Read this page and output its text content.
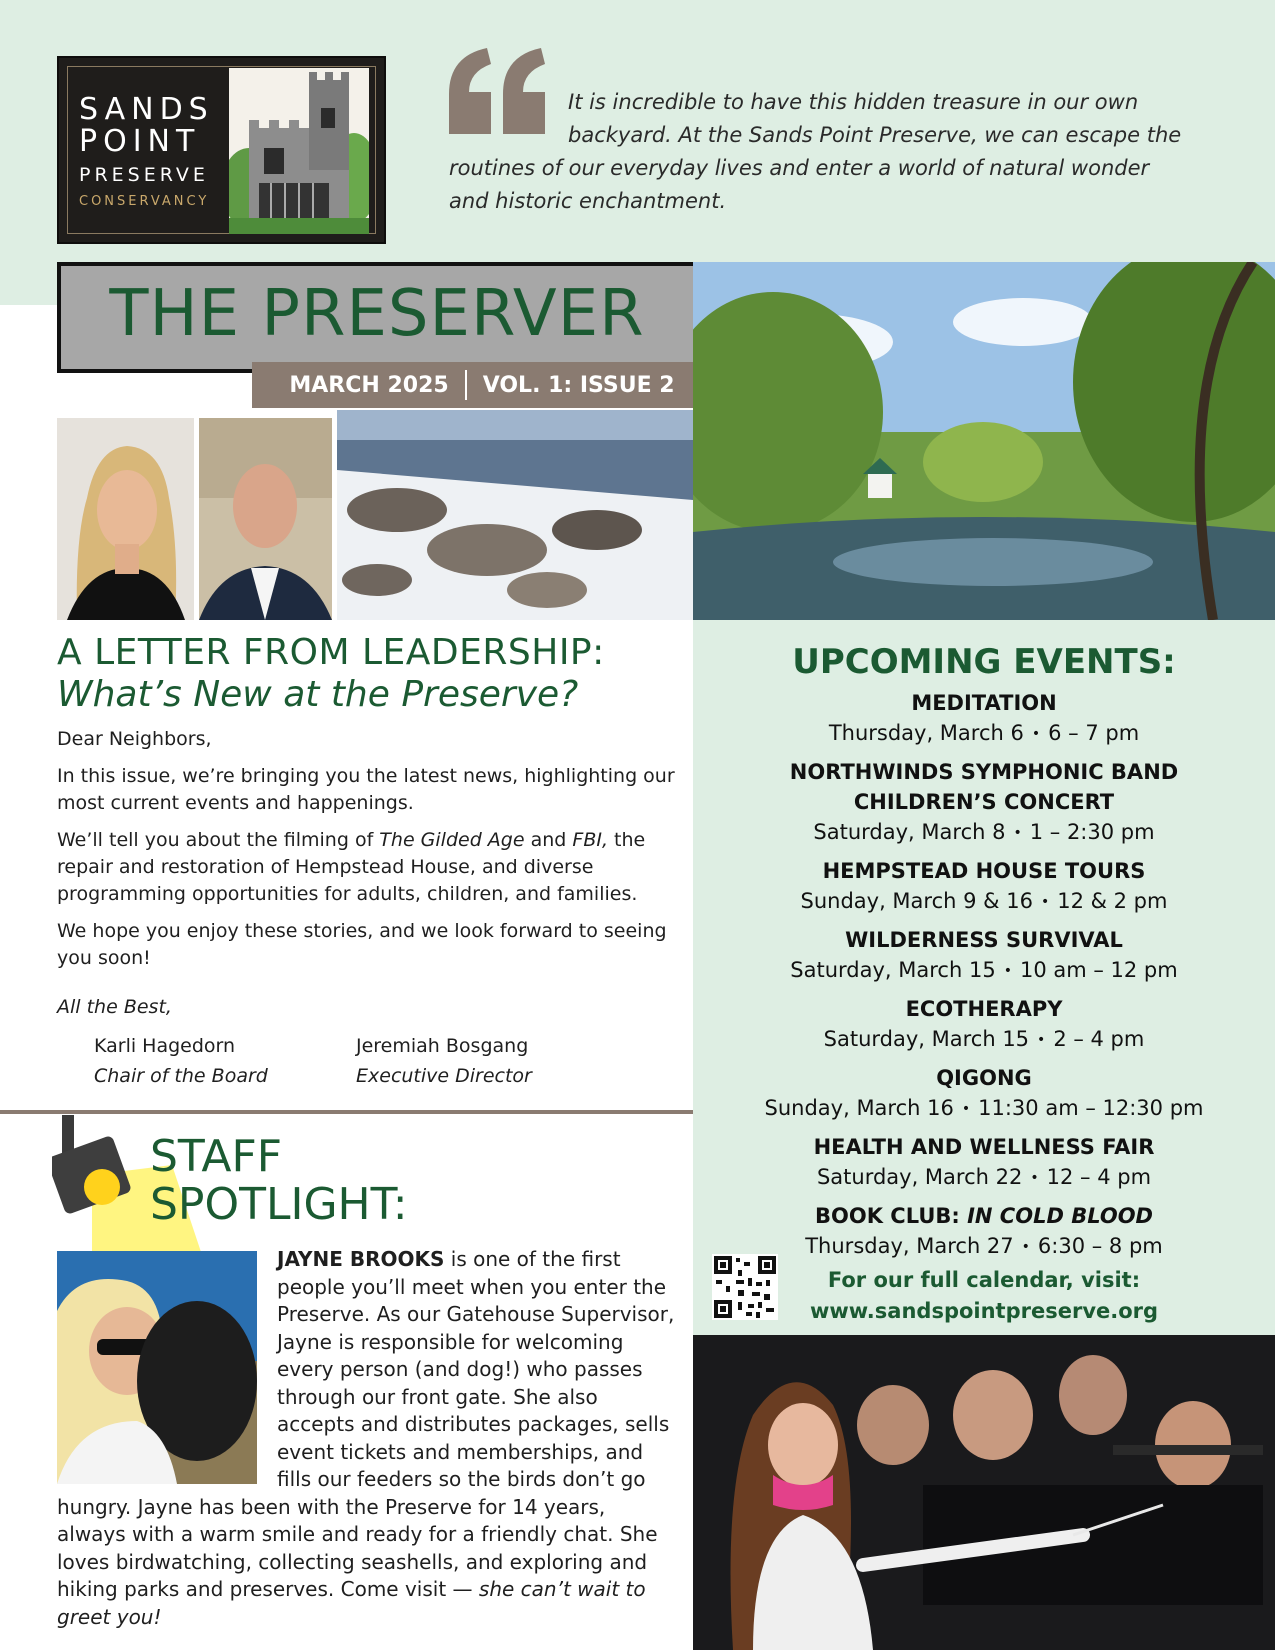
SANDS
POINT
PRESERVE
CONSERVANCY
It is incredible to have this hidden treasure in our own backyard. At the Sands Point Preserve, we can escape the
routines of our everyday lives and enter a world of natural wonder and historic enchantment.
THE PRESERVER
MARCH 2025 VOL. 1: ISSUE 2
A LETTER FROM LEADERSHIP:
What’s New at the Preserve?

Dear Neighbors,

In this issue, we’re bringing you the latest news, highlighting our most current events and happenings.

We’ll tell you about the filming of The Gilded Age and FBI, the repair and restoration of Hempstead House, and diverse programming opportunities for adults, children, and families.

We hope you enjoy these stories, and we look forward to seeing you soon!

All the Best,
Karli Hagedorn
Chair of the Board
Jeremiah Bosgang
Executive Director
UPCOMING EVENTS:
MEDITATION
Thursday, March 6 • 6 – 7 pm
NORTHWINDS SYMPHONIC BAND
CHILDREN’S CONCERT
Saturday, March 8 • 1 – 2:30 pm
HEMPSTEAD HOUSE TOURS
Sunday, March 9 & 16 • 12 & 2 pm
WILDERNESS SURVIVAL
Saturday, March 15 • 10 am – 12 pm
ECOTHERAPY
Saturday, March 15 • 2 – 4 pm
QIGONG
Sunday, March 16 • 11:30 am – 12:30 pm
HEALTH AND WELLNESS FAIR
Saturday, March 22 • 12 – 4 pm
BOOK CLUB: IN COLD BLOOD
Thursday, March 27 • 6:30 – 8 pm
For our full calendar, visit:
www.sandspointpreserve.org
STAFF
SPOTLIGHT:
JAYNE BROOKS is one of the first people you’ll meet when you enter the Preserve. As our Gatehouse Supervisor, Jayne is responsible for welcoming every person (and dog!) who passes through our front gate. She also accepts and distributes packages, sells event tickets and memberships, and fills our feeders so the birds don’t go hungry. Jayne has been with the Preserve for 14 years, always with a warm smile and ready for a friendly chat. She loves birdwatching, collecting seashells, and exploring and hiking parks and preserves. Come visit — she can’t wait to greet you!
